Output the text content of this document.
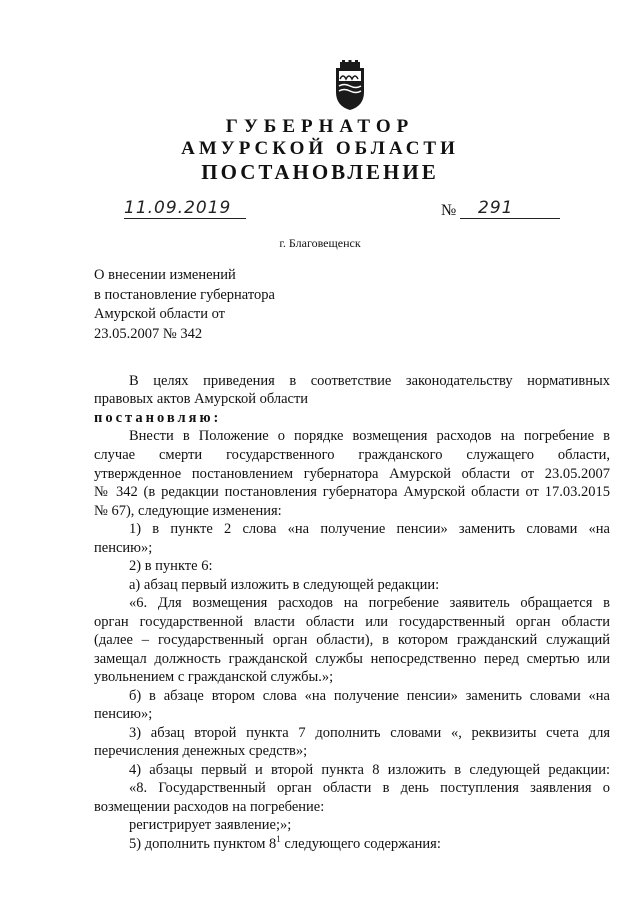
ГУБЕРНАТОР
АМУРСКОЙ ОБЛАСТИ
ПОСТАНОВЛЕНИЕ
11.09.2019	№	291
г. Благовещенск
О внесении изменений
в постановление губернатора
Амурской области от
23.05.2007 № 342
В целях приведения в соответствие законодательству нормативных
правовых актов Амурской области
постановляю:
Внести в Положение о порядке возмещения расходов на погребение в
случае смерти государственного гражданского служащего области,
утвержденное постановлением губернатора Амурской области от 23.05.2007
№ 342 (в редакции постановления губернатора Амурской области от 17.03.2015
№ 67), следующие изменения:
1) в пункте 2 слова «на получение пенсии» заменить словами «на
пенсию»;
2) в пункте 6:
а) абзац первый изложить в следующей редакции:
«6. Для возмещения расходов на погребение заявитель обращается в
орган государственной власти области или государственный орган области
(далее – государственный орган области), в котором гражданский служащий
замещал должность гражданской службы непосредственно перед смертью или
увольнением с гражданской службы.»;
б) в абзаце втором слова «на получение пенсии» заменить словами «на
пенсию»;
3) абзац второй пункта 7 дополнить словами «, реквизиты счета для
перечисления денежных средств»;
4) абзацы первый и второй пункта 8 изложить в следующей редакции:
«8. Государственный орган области в день поступления заявления о
возмещении расходов на погребение:
регистрирует заявление;»;
5) дополнить пунктом $8^1$ следующего содержания:
